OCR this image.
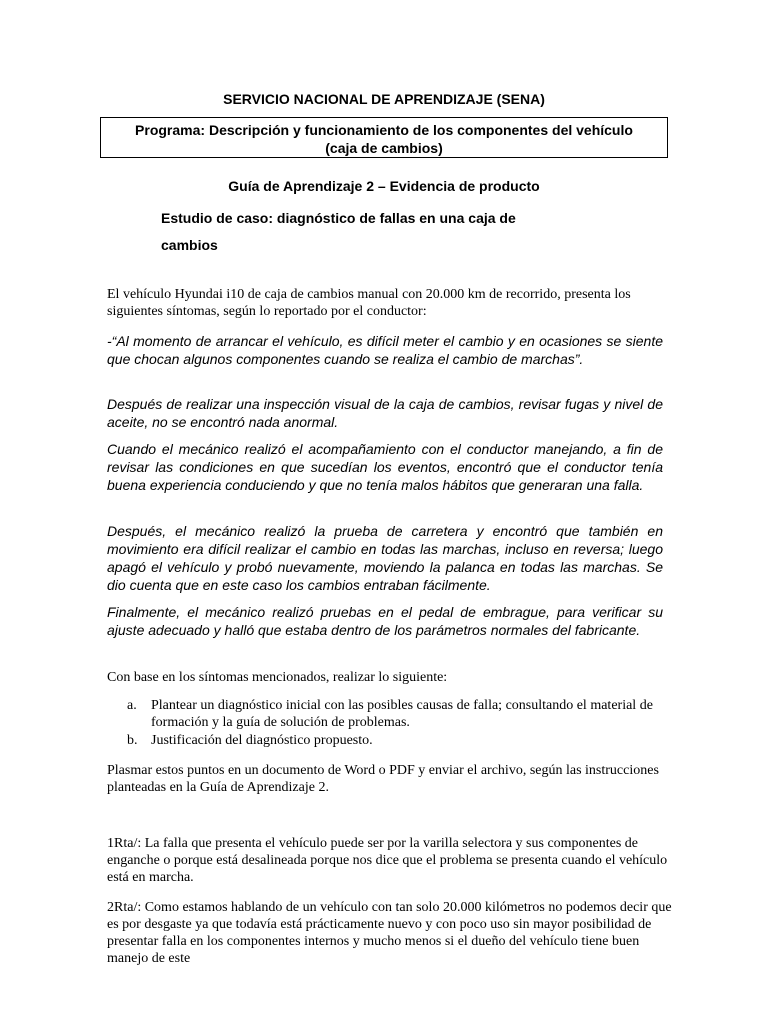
SERVICIO NACIONAL DE APRENDIZAJE (SENA)
Programa: Descripción y funcionamiento de los componentes del vehículo
(caja de cambios)
Guía de Aprendizaje 2 – Evidencia de producto
Estudio de caso: diagnóstico de fallas en una caja de
cambios
El vehículo Hyundai i10 de caja de cambios manual con 20.000 km de recorrido, presenta los siguientes síntomas, según lo reportado por el conductor:
-“Al momento de arrancar el vehículo, es difícil meter el cambio y en ocasiones se siente que chocan algunos componentes cuando se realiza el cambio de marchas”.
Después de realizar una inspección visual de la caja de cambios, revisar fugas y nivel de aceite, no se encontró nada anormal.
Cuando el mecánico realizó el acompañamiento con el conductor manejando, a fin de revisar las condiciones en que sucedían los eventos, encontró que el conductor tenía buena experiencia conduciendo y que no tenía malos hábitos que generaran una falla.
Después, el mecánico realizó la prueba de carretera y encontró que también en movimiento era difícil realizar el cambio en todas las marchas, incluso en reversa; luego apagó el vehículo y probó nuevamente, moviendo la palanca en todas las marchas. Se dio cuenta que en este caso los cambios entraban fácilmente.
Finalmente, el mecánico realizó pruebas en el pedal de embrague, para verificar su ajuste adecuado y halló que estaba dentro de los parámetros normales del fabricante.
Con base en los síntomas mencionados, realizar lo siguiente:
a. Plantear un diagnóstico inicial con las posibles causas de falla; consultando el material de formación y la guía de solución de problemas.
b. Justificación del diagnóstico propuesto.
Plasmar estos puntos en un documento de Word o PDF y enviar el archivo, según las instrucciones planteadas en la Guía de Aprendizaje 2.
1Rta/: La falla que presenta el vehículo puede ser por la varilla selectora y sus componentes de enganche o porque está desalineada porque nos dice que el problema se presenta cuando el vehículo está en marcha.
2Rta/: Como estamos hablando de un vehículo con tan solo 20.000 kilómetros no podemos decir que es por desgaste ya que todavía está prácticamente nuevo y con poco uso sin mayor posibilidad de presentar falla en los componentes internos y mucho menos si el dueño del vehículo tiene buen manejo de este
